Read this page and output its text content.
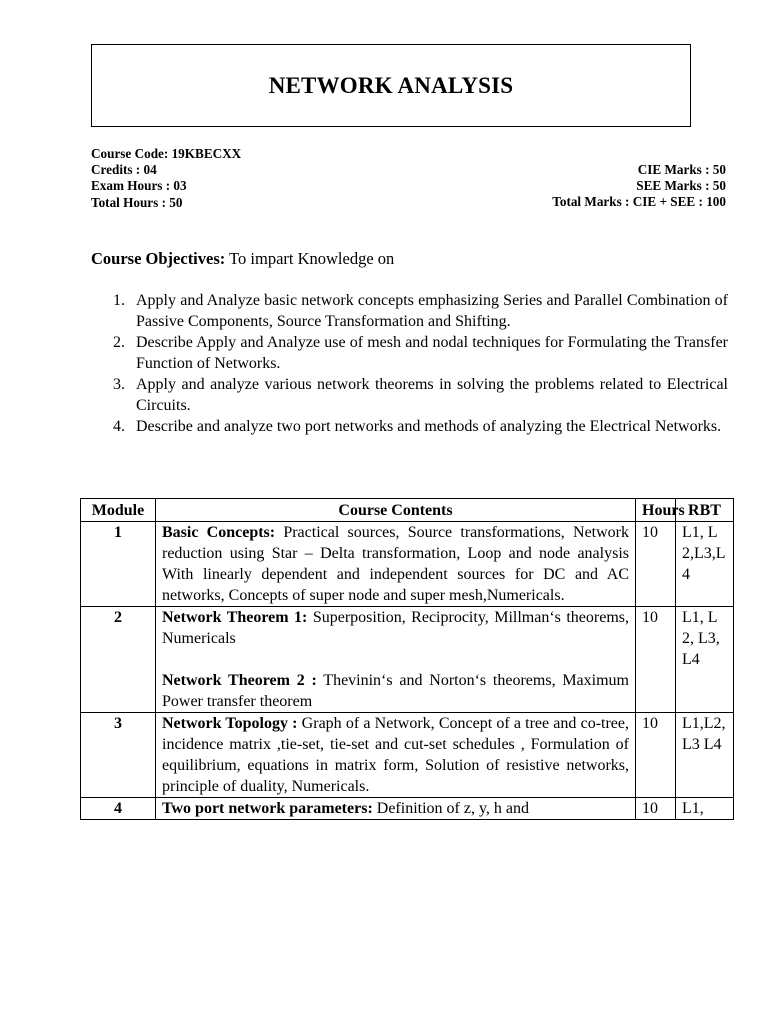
NETWORK ANALYSIS
Course Code: 19KBECXX
Credits : 04
Exam Hours : 03
Total Hours : 50
CIE Marks : 50
SEE Marks : 50
Total Marks : CIE + SEE : 100
Course Objectives: To impart Knowledge on
1. Apply and Analyze basic network concepts emphasizing Series and Parallel Combination of Passive Components, Source Transformation and Shifting.
2. Describe Apply and Analyze use of mesh and nodal techniques for Formulating the Transfer Function of Networks.
3. Apply and analyze various network theorems in solving the problems related to Electrical Circuits.
4. Describe and analyze two port networks and methods of analyzing the Electrical Networks.
Module	Course Contents	Hours	RBT
1	Basic Concepts: Practical sources, Source transformations, Network reduction using Star – Delta transformation, Loop and node analysis With linearly dependent and independent sources for DC and AC networks, Concepts of super node and super mesh,Numericals.	10	L1, L2,L3,L4
2	Network Theorem 1: Superposition, Reciprocity, Millman‘s theorems, Numericals

Network Theorem 2 : Thevinin‘s and Norton‘s theorems, Maximum Power transfer theorem	10	L1, L2, L3,L4
3	Network Topology : Graph of a Network, Concept of a tree and co-tree, incidence matrix ,tie-set, tie-set and cut-set schedules , Formulation of equilibrium, equations in matrix form, Solution of resistive networks, principle of duality, Numericals.	10	L1,L2,L3 L4
4	Two port network parameters: Definition of z, y, h and	10	L1,
